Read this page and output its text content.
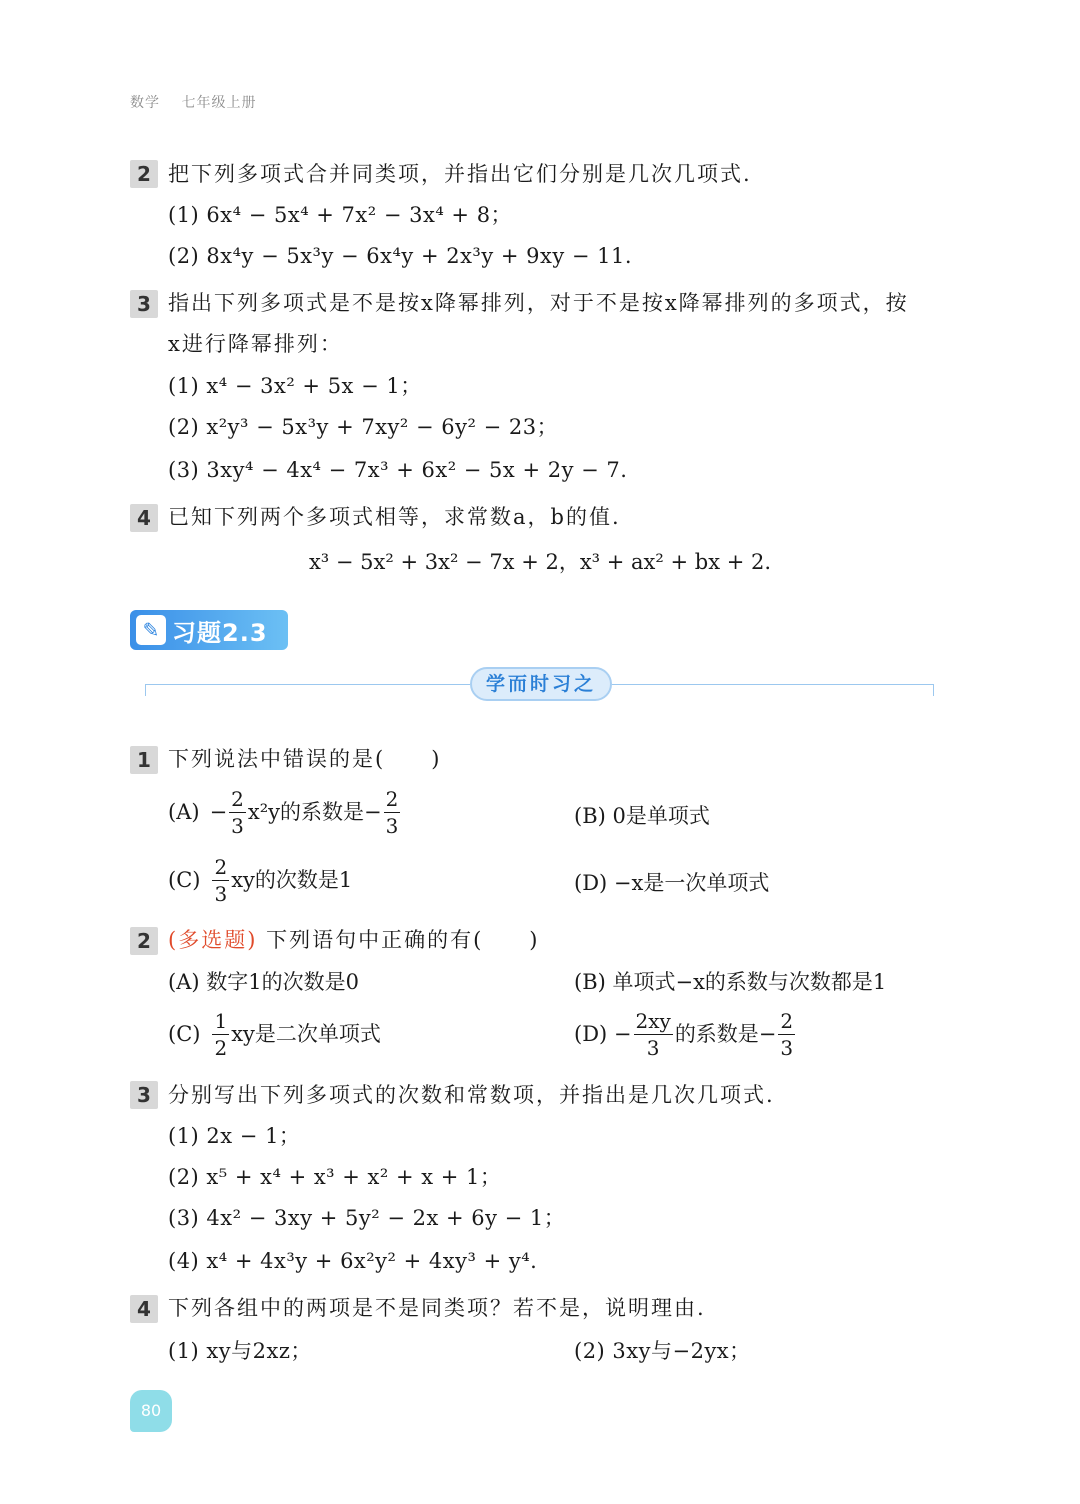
数学 七年级上册
2 把下列多项式合并同类项，并指出它们分别是几次几项式.
(1) 6x⁴ − 5x⁴ + 7x² − 3x⁴ + 8；
(2) 8x⁴y − 5x³y − 6x⁴y + 2x³y + 9xy − 11.
3 指出下列多项式是不是按x降幂排列，对于不是按x降幂排列的多项式，按
x进行降幂排列：
(1) x⁴ − 3x² + 5x − 1；
(2) x²y³ − 5x³y + 7xy² − 6y² − 23；
(3) 3xy⁴ − 4x⁴ − 7x³ + 6x² − 5x + 2y − 7.
4 已知下列两个多项式相等，求常数a，b的值.
x³ − 5x² + 3x² − 7x + 2，x³ + ax² + bx + 2.
✎ 习题2.3
学而时习之
1 下列说法中错误的是(　　)
$(A) - \frac{2}{3} x^2y$的系数是− $\frac{2}{3}$	(B) 0是单项式
$(C) \frac{2}{3}$ xy的次数是1	(D) −x是一次单项式
2 (多选题) 下列语句中正确的有(　　)
(A) 数字1的次数是0	(B) 单项式−x的系数与次数都是1
$(C) \frac{1}{2}$ xy是二次单项式	$(D) - \frac{2xy}{3}$ 的系数是− $\frac{2}{3}$
3 分别写出下列多项式的次数和常数项，并指出是几次几项式.
(1) 2x − 1；
(2) x⁵ + x⁴ + x³ + x² + x + 1；
(3) 4x² − 3xy + 5y² − 2x + 6y − 1；
(4) x⁴ + 4x³y + 6x²y² + 4xy³ + y⁴.
4 下列各组中的两项是不是同类项？若不是，说明理由.
(1) xy与2xz；	(2) 3xy与−2yx；
80
